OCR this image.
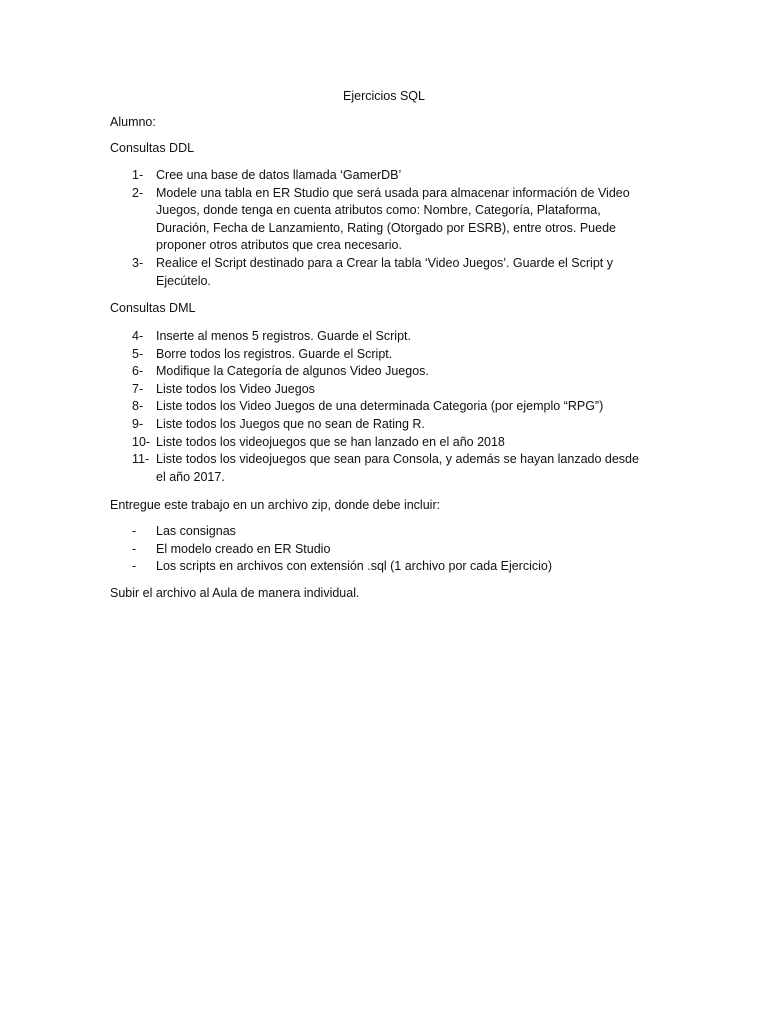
Ejercicios SQL

Alumno:

Consultas DDL

1-	Cree una base de datos llamada ‘GamerDB’
2-	Modele una tabla en ER Studio que será usada para almacenar información de Video Juegos, donde tenga en cuenta atributos como: Nombre, Categoría, Plataforma, Duración, Fecha de Lanzamiento, Rating (Otorgado por ESRB), entre otros. Puede proponer otros atributos que crea necesario.
3-	Realice el Script destinado para a Crear la tabla ‘Video Juegos’. Guarde el Script y Ejecútelo.

Consultas DML

4-	Inserte al menos 5 registros. Guarde el Script.
5-	Borre todos los registros. Guarde el Script.
6-	Modifique la Categoría de algunos Video Juegos.
7-	Liste todos los Video Juegos
8-	Liste todos los Video Juegos de una determinada Categoria (por ejemplo “RPG”)
9-	Liste todos los Juegos que no sean de Rating R.
10- Liste todos los videojuegos que se han lanzado en el año 2018
11- Liste todos los videojuegos que sean para Consola, y además se hayan lanzado desde el año 2017.

Entregue este trabajo en un archivo zip, donde debe incluir:

-	Las consignas
-	El modelo creado en ER Studio
-	Los scripts en archivos con extensión .sql (1 archivo por cada Ejercicio)

Subir el archivo al Aula de manera individual.
